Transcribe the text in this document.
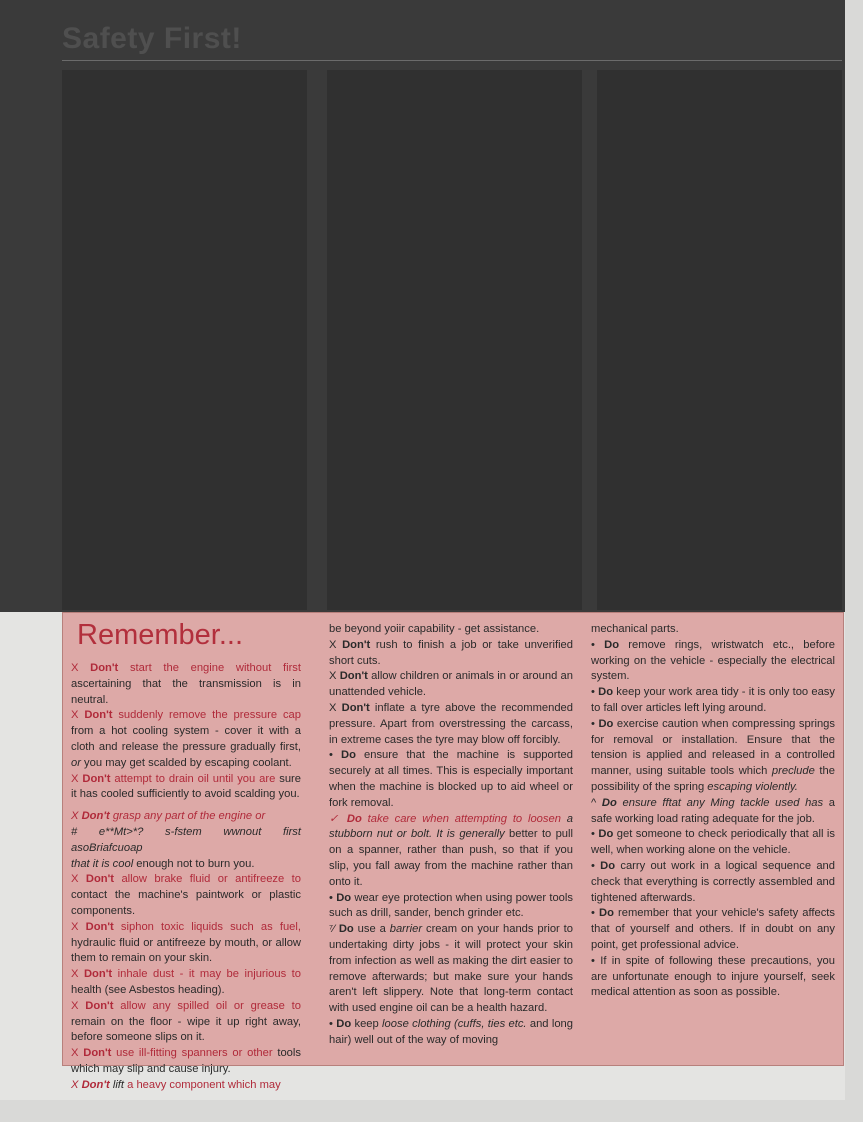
Safety First!
Remember...

X Don't start the engine without first ascertaining that the transmission is in neutral.

X Don't suddenly remove the pressure cap from a hot cooling system - cover it with a cloth and release the pressure gradually first, or you may get scalded by escaping coolant.

X Don't attempt to drain oil until you are sure it has cooled sufficiently to avoid scalding you.

X Don't grasp any part of the engine or
# e**Mt>*? s-fstem wwnout first asoBriafcuoap
that it is cool enough not to burn you.

X Don't allow brake fluid or antifreeze to contact the machine's paintwork or plastic components.

X Don't siphon toxic liquids such as fuel, hydraulic fluid or antifreeze by mouth, or allow them to remain on your skin.

X Don't inhale dust - it may be injurious to health (see Asbestos heading).

X Don't allow any spilled oil or grease to remain on the floor - wipe it up right away, before someone slips on it.

X Don't use ill-fitting spanners or other tools which may slip and cause injury.

X Don't lift a heavy component which may

be beyond yoiir capability - get assistance.

X Don't rush to finish a job or take unverified short cuts.

X Don't allow children or animals in or around an unattended vehicle.

X Don't inflate a tyre above the recommended pressure. Apart from overstressing the carcass, in extreme cases the tyre may blow off forcibly.

• Do ensure that the machine is supported securely at all times. This is especially important when the machine is blocked up to aid wheel or fork removal.

✓ Do take care when attempting to loosen a stubborn nut or bolt. It is generally better to pull on a spanner, rather than push, so that if you slip, you fall away from the machine rather than onto it.

• Do wear eye protection when using power tools such as drill, sander, bench grinder etc.

⁷⁄ Do use a barrier cream on your hands prior to undertaking dirty jobs - it will protect your skin from infection as well as making the dirt easier to remove afterwards; but make sure your hands aren't left slippery. Note that long-term contact with used engine oil can be a health hazard.

• Do keep loose clothing (cuffs, ties etc. and long hair) well out of the way of moving

mechanical parts.

• Do remove rings, wristwatch etc., before working on the vehicle - especially the electrical system.

• Do keep your work area tidy - it is only too easy to fall over articles left lying around.

• Do exercise caution when compressing springs for removal or installation. Ensure that the tension is applied and released in a controlled manner, using suitable tools which preclude the possibility of the spring escaping violently.

^ Do ensure fftat any Ming tackle used has a safe working load rating adequate for the job.

• Do get someone to check periodically that all is well, when working alone on the vehicle.

• Do carry out work in a logical sequence and check that everything is correctly assembled and tightened afterwards.

• Do remember that your vehicle's safety affects that of yourself and others. If in doubt on any point, get professional advice.

• If in spite of following these precautions, you are unfortunate enough to injure yourself, seek medical attention as soon as possible.
